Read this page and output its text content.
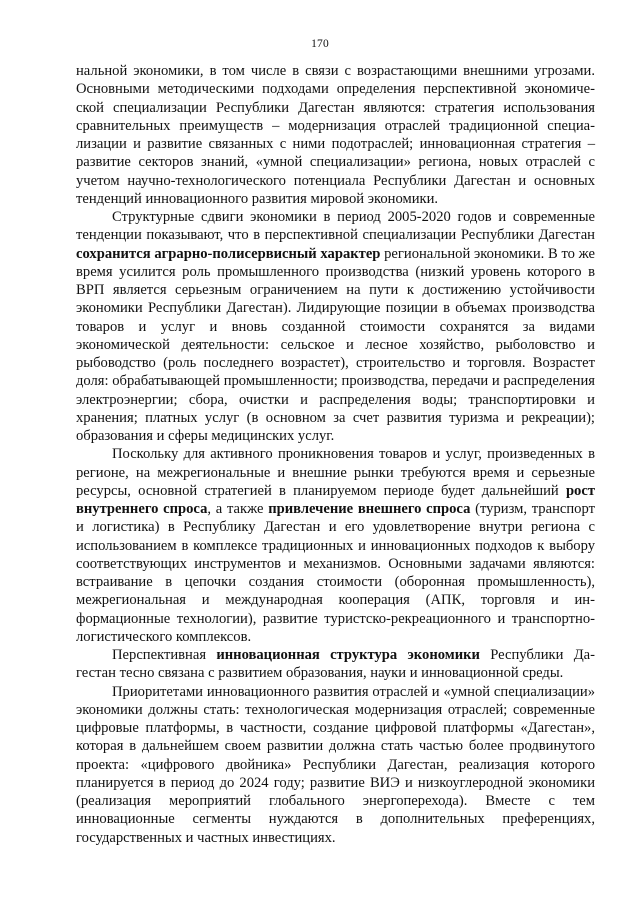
170

нальной экономики, в том числе в связи с возрастающими внешними угрозами. Основными методическими подходами определения перспективной экономической специализации Республики Дагестан являются: стратегия использования сравнительных преимуществ – модернизация отраслей традиционной специализации и развитие связанных с ними подотраслей; инновационная стратегия – развитие секторов знаний, «умной специализации» региона, новых отраслей с учетом научно-технологического потенциала Республики Дагестан и основных тенденций инновационного развития мировой экономики.

Структурные сдвиги экономики в период 2005-2020 годов и современные тенденции показывают, что в перспективной специализации Республики Дагестан сохранится аграрно-полисервисный характер региональной экономики. В то же время усилится роль промышленного производства (низкий уровень которого в ВРП является серьезным ограничением на пути к достижению устойчивости экономики Республики Дагестан). Лидирующие позиции в объемах производства товаров и услуг и вновь созданной стоимости сохранятся за видами экономической деятельности: сельское и лесное хозяйство, рыболовство и рыбоводство (роль последнего возрастет), строительство и торговля. Возрастет доля: обрабатывающей промышленности; производства, передачи и распределения электроэнергии; сбора, очистки и распределения воды; транспортировки и хранения; платных услуг (в основном за счет развития туризма и рекреации); образования и сферы медицинских услуг.

Поскольку для активного проникновения товаров и услуг, произведенных в регионе, на межрегиональные и внешние рынки требуются время и серьезные ресурсы, основной стратегией в планируемом периоде будет дальнейший рост внутреннего спроса, а также привлечение внешнего спроса (туризм, транспорт и логистика) в Республику Дагестан и его удовлетворение внутри региона с использованием в комплексе традиционных и инновационных подходов к выбору соответствующих инструментов и механизмов. Основными задачами являются: встраивание в цепочки создания стоимости (оборонная промышленность), межрегиональная и международная кооперация (АПК, торговля и информационные технологии), развитие туристско-рекреационного и транспортно-логистического комплексов.

Перспективная инновационная структура экономики Республики Дагестан тесно связана с развитием образования, науки и инновационной среды.

Приоритетами инновационного развития отраслей и «умной специализации» экономики должны стать: технологическая модернизация отраслей; современные цифровые платформы, в частности, создание цифровой платформы «Дагестан», которая в дальнейшем своем развитии должна стать частью более продвинутого проекта: «цифрового двойника» Республики Дагестан, реализация которого планируется в период до 2024 году; развитие ВИЭ и низкоуглеродной экономики (реализация мероприятий глобального энергоперехода). Вместе с тем инновационные сегменты нуждаются в дополнительных преференциях, государственных и частных инвестициях.
